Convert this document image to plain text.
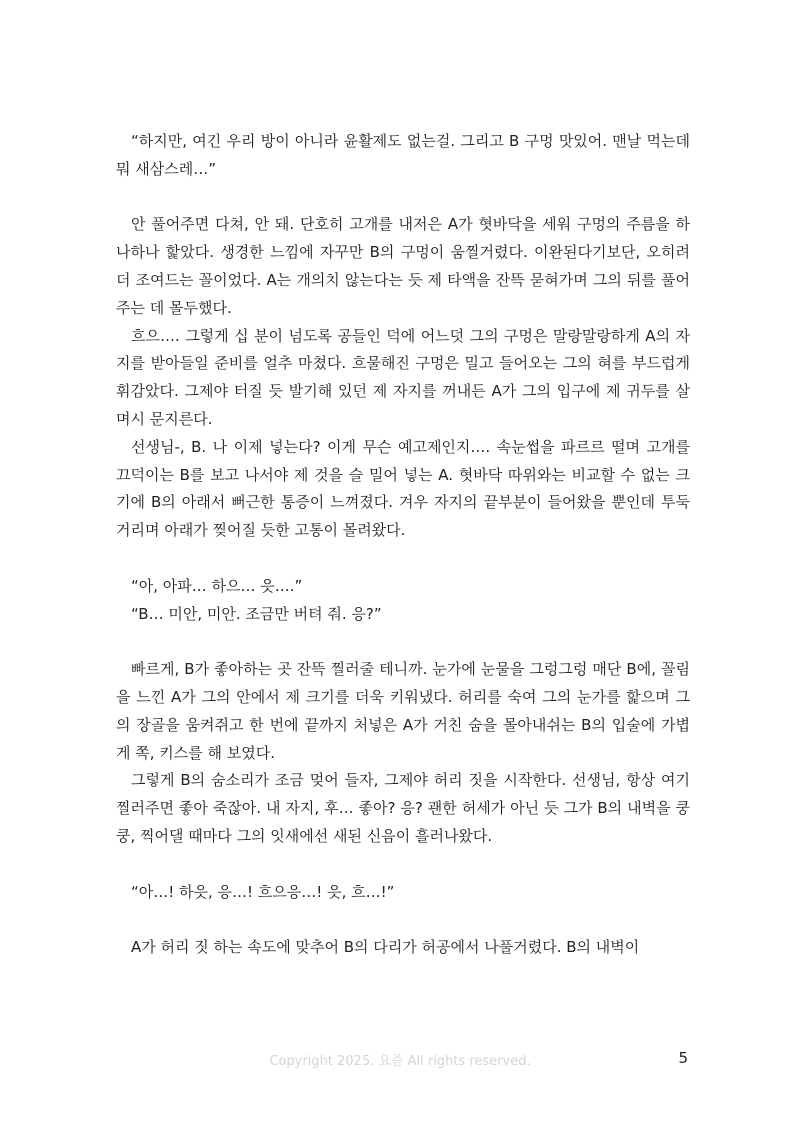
“하지만, 여긴 우리 방이 아니라 윤활제도 없는걸. 그리고 B 구멍 맛있어. 맨날 먹는데 뭐 새삼스레…”

안 풀어주면 다쳐, 안 돼. 단호히 고개를 내저은 A가 혓바닥을 세워 구멍의 주름을 하나하나 핥았다. 생경한 느낌에 자꾸만 B의 구멍이 움찔거렸다. 이완된다기보단, 오히려 더 조여드는 꼴이었다. A는 개의치 않는다는 듯 제 타액을 잔뜩 묻혀가며 그의 뒤를 풀어주는 데 몰두했다.

흐으…. 그렇게 십 분이 넘도록 공들인 덕에 어느덧 그의 구멍은 말랑말랑하게 A의 자지를 받아들일 준비를 얼추 마쳤다. 흐물해진 구멍은 밀고 들어오는 그의 혀를 부드럽게 휘감았다. 그제야 터질 듯 발기해 있던 제 자지를 꺼내든 A가 그의 입구에 제 귀두를 살며시 문지른다.

선생님-, B. 나 이제 넣는다? 이게 무슨 예고제인지…. 속눈썹을 파르르 떨며 고개를 끄덕이는 B를 보고 나서야 제 것을 슬 밀어 넣는 A. 혓바닥 따위와는 비교할 수 없는 크기에 B의 아래서 뻐근한 통증이 느껴졌다. 겨우 자지의 끝부분이 들어왔을 뿐인데 투둑거리며 아래가 찢어질 듯한 고통이 몰려왔다.

“아, 아파… 하으… 읏….”

“B… 미안, 미안. 조금만 버텨 줘. 응?”

빠르게, B가 좋아하는 곳 잔뜩 찔러줄 테니까. 눈가에 눈물을 그렁그렁 매단 B에, 꼴림을 느낀 A가 그의 안에서 제 크기를 더욱 키워냈다. 허리를 숙여 그의 눈가를 핥으며 그의 장골을 움켜쥐고 한 번에 끝까지 처넣은 A가 거친 숨을 몰아내쉬는 B의 입술에 가볍게 쪽, 키스를 해 보였다.

그렇게 B의 숨소리가 조금 멎어 들자, 그제야 허리 짓을 시작한다. 선생님, 항상 여기 찔러주면 좋아 죽잖아. 내 자지, 후… 좋아? 응? 괜한 허세가 아닌 듯 그가 B의 내벽을 쿵쿵, 찍어댈 때마다 그의 잇새에선 새된 신음이 흘러나왔다.

“아…! 하읏, 응…! 흐으응…! 읏, 흐…!”

A가 허리 짓 하는 속도에 맞추어 B의 다리가 허공에서 나풀거렸다. B의 내벽이

Copyright 2025. 요즘 All rights reserved.	5
